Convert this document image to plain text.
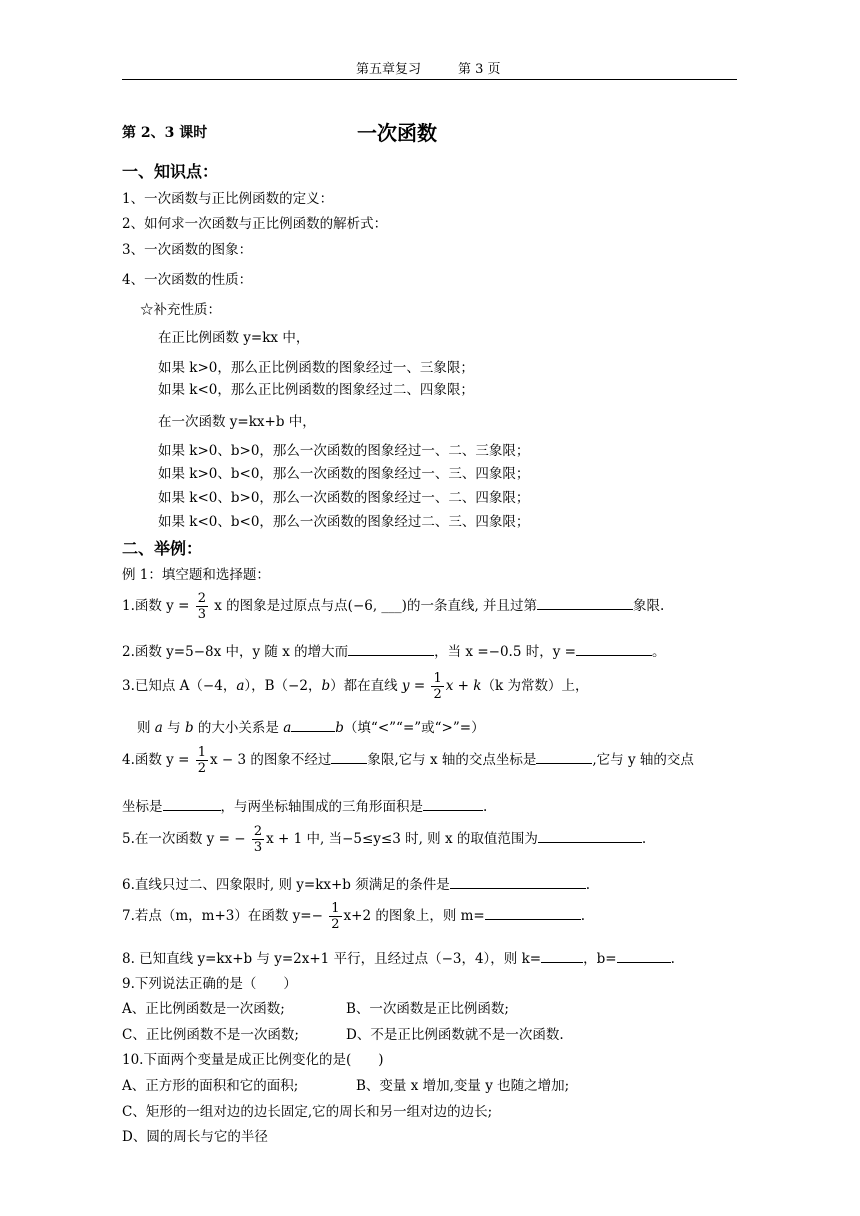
第五章复习	第 3 页
第 2、3 课时	一次函数
一、知识点：
1、一次函数与正比例函数的定义：
2、如何求一次函数与正比例函数的解析式：
3、一次函数的图象：
4、一次函数的性质：
☆补充性质：
在正比例函数 y=kx 中，
如果 k>0，那么正比例函数的图象经过一、三象限；
如果 k<0，那么正比例函数的图象经过二、四象限；
在一次函数 y=kx+b 中，
如果 k>0、b>0，那么一次函数的图象经过一、二、三象限；
如果 k>0、b<0，那么一次函数的图象经过一、三、四象限；
如果 k<0、b>0，那么一次函数的图象经过一、二、四象限；
如果 k<0、b<0，那么一次函数的图象经过二、三、四象限；
二、举例：
例 1：填空题和选择题：
1.函数 $y = \frac{2}{3}$ x 的图象是过原点与点(−6, ___)的一条直线, 并且过第	象限.
2.函数 y=5−8x 中，y 随 x 的增大而	，当 x =−0.5 时，y =	。
3.已知点 A（−4，a），B（−2，b）都在直线 $y = \frac{1}{2}$ x + k（k 为常数）上，
则 a 与 b 的大小关系是 a	b（填“<”“=”或“>”=）
4.函数 $y = \frac{1}{2}$ x − 3 的图象不经过	象限,它与 x 轴的交点坐标是	,它与 y 轴的交点
坐标是	，与两坐标轴围成的三角形面积是	.
5.在一次函数 y = − $\frac{2}{3}$ x + 1 中, 当−5≤y≤3 时, 则 x 的取值范围为	.
6.直线只过二、四象限时, 则 y=kx+b 须满足的条件是	.
7.若点（m，m+3）在函数 $y=- \frac{1}{2} x+2$ 的图象上，则 m=	.
8. 已知直线 y=kx+b 与 y=2x+1 平行，且经过点（−3，4），则 k=	，b=	.
9.下列说法正确的是（　　）
A、正比例函数是一次函数;	B、一次函数是正比例函数;
C、正比例函数不是一次函数;	D、不是正比例函数就不是一次函数.
10.下面两个变量是成正比例变化的是(　　)
A、正方形的面积和它的面积;	B、变量 x 增加,变量 y 也随之增加;
C、矩形的一组对边的边长固定,它的周长和另一组对边的边长;
D、圆的周长与它的半径
